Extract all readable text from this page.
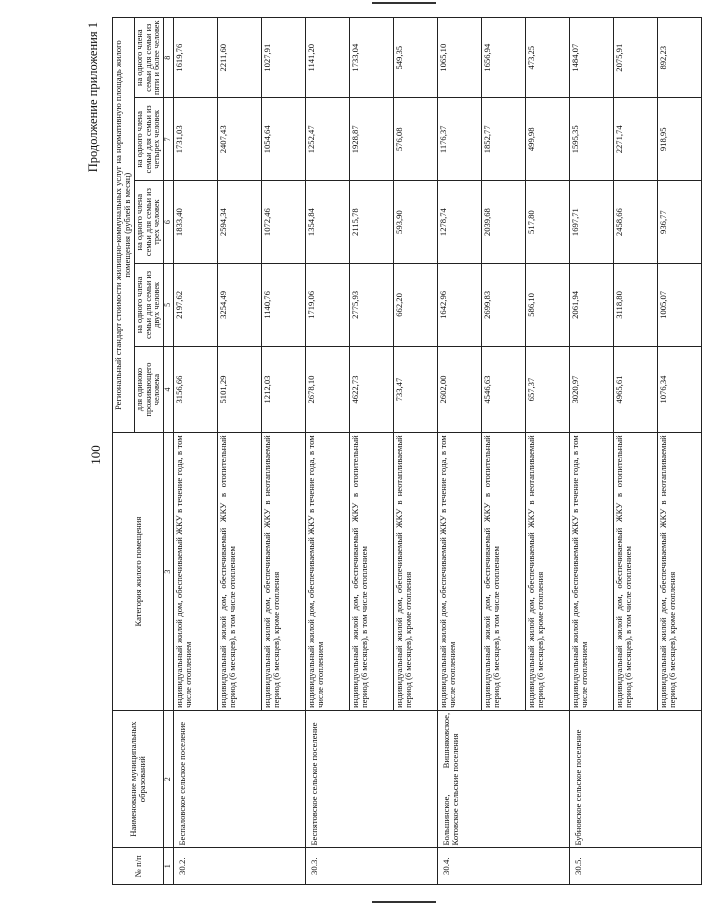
100
Продолжение приложения 1
№ п/п	Наименование муниципальных образований	Категория жилого помещения	Региональный стандарт стоимости жилищно-коммунальных услуг на нормативную площадь жилого помещения (рублей в месяц)				
			для одиноко проживающего человека	на одного члена семьи для семьи из двух человек	на одного члена семьи для семьи из трех человек	на одного члена семьи для семьи из четырех человек	на одного члена семьи для семьи из пяти и более человек
1	2	3	4	5	6	7	8
30.2.	Беспаловское сельское поселение	индивидуальный жилой дом, обеспечиваемый ЖКУ в течение года, в том числе отоплением	3156,66	2197,62	1833,40	1731,03	1619,76
		индивидуальный жилой дом, обеспечиваемый ЖКУ в отопительный период (6 месяцев), в том числе отоплением	5101,29	3254,49	2594,34	2407,43	2211,60
		индивидуальный жилой дом, обеспечиваемый ЖКУ в неотапливаемый период (6 месяцев), кроме отопления	1212,03	1140,76	1072,46	1054,64	1027,91
30.3.	Беспятовское сельское поселение	индивидуальный жилой дом, обеспечиваемый ЖКУ в течение года, в том числе отоплением	2678,10	1719,06	1354,84	1252,47	1141,20
		индивидуальный жилой дом, обеспечиваемый ЖКУ в отопительный период (6 месяцев), в том числе отоплением	4622,73	2775,93	2115,78	1928,87	1733,04
		индивидуальный жилой дом, обеспечиваемый ЖКУ в неотапливаемый период (6 месяцев), кроме отопления	733,47	662,20	593,90	576,08	549,35
30.4.	Большинское, Вишняковское, Котовское сельские поселения	индивидуальный жилой дом, обеспечиваемый ЖКУ в течение года, в том числе отоплением	2602,00	1642,96	1278,74	1176,37	1065,10
		индивидуальный жилой дом, обеспечиваемый ЖКУ в отопительный период (6 месяцев), в том числе отоплением	4546,63	2699,83	2039,68	1852,77	1656,94
		индивидуальный жилой дом, обеспечиваемый ЖКУ в неотапливаемый период (6 месяцев), кроме отопления	657,37	586,10	517,80	499,98	473,25
30.5.	Бубновское сельское поселение	индивидуальный жилой дом, обеспечиваемый ЖКУ в течение года, в том числе отоплением	3020,97	2061,94	1697,71	1595,35	1484,07
		индивидуальный жилой дом, обеспечиваемый ЖКУ в отопительный период (6 месяцев), в том числе отоплением	4965,61	3118,80	2458,66	2271,74	2075,91
		индивидуальный жилой дом, обеспечиваемый ЖКУ в неотапливаемый период (6 месяцев), кроме отопления	1076,34	1005,07	936,77	918,95	892,23
